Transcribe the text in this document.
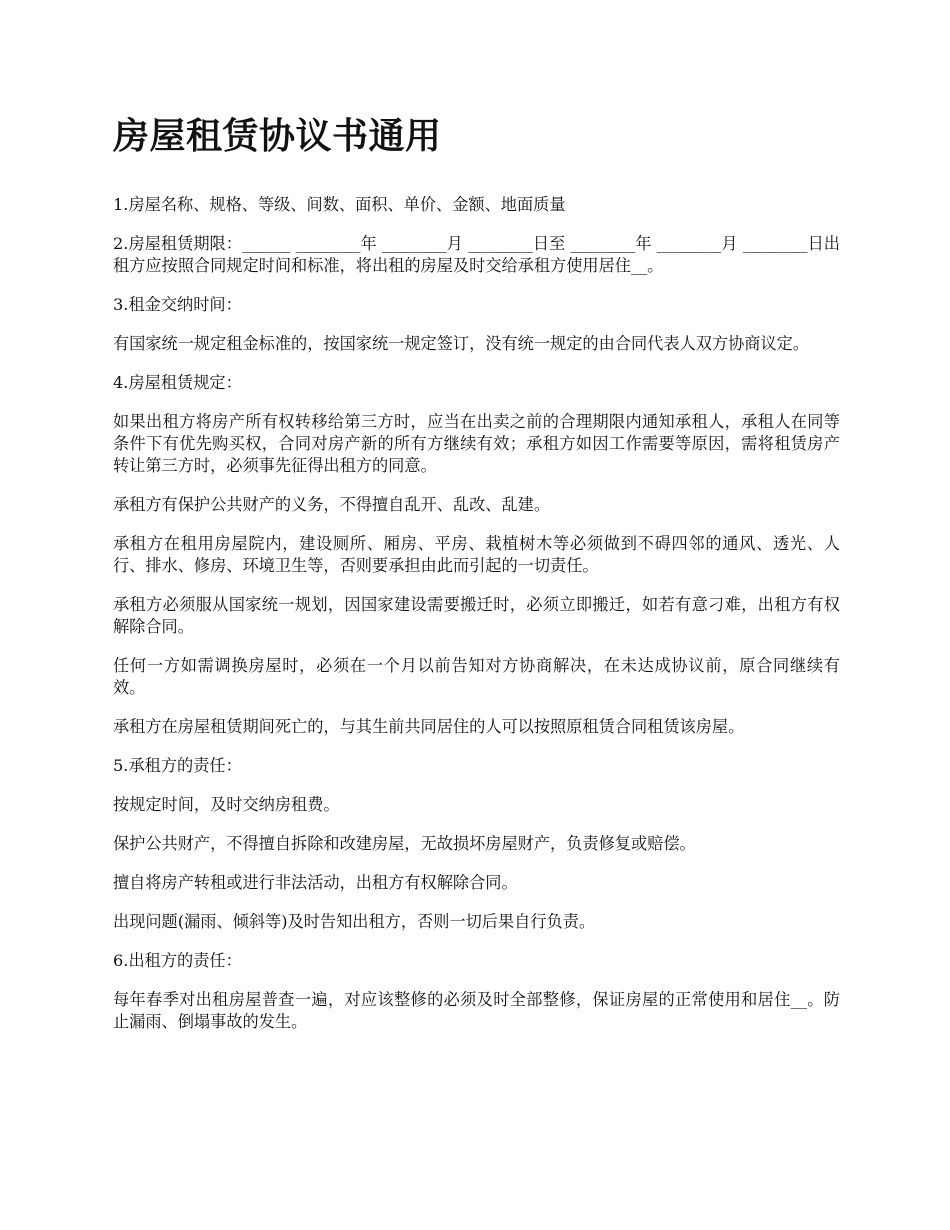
房屋租赁协议书通用

1.房屋名称、规格、等级、间数、面积、单价、金额、地面质量

2.房屋租赁期限：______ ________年 ________月 ________日至 ________年 ________月 ________日出租方应按照合同规定时间和标准，将出租的房屋及时交给承租方使用居住__。

3.租金交纳时间：

有国家统一规定租金标准的，按国家统一规定签订，没有统一规定的由合同代表人双方协商议定。

4.房屋租赁规定：

如果出租方将房产所有权转移给第三方时，应当在出卖之前的合理期限内通知承租人，承租人在同等条件下有优先购买权，合同对房产新的所有方继续有效；承租方如因工作需要等原因，需将租赁房产转让第三方时，必须事先征得出租方的同意。

承租方有保护公共财产的义务，不得擅自乱开、乱改、乱建。

承租方在租用房屋院内，建设厕所、厢房、平房、栽植树木等必须做到不碍四邻的通风、透光、人行、排水、修房、环境卫生等，否则要承担由此而引起的一切责任。

承租方必须服从国家统一规划，因国家建设需要搬迁时，必须立即搬迁，如若有意刁难，出租方有权解除合同。

任何一方如需调换房屋时，必须在一个月以前告知对方协商解决，在未达成协议前，原合同继续有效。

承租方在房屋租赁期间死亡的，与其生前共同居住的人可以按照原租赁合同租赁该房屋。

5.承租方的责任：

按规定时间，及时交纳房租费。

保护公共财产，不得擅自拆除和改建房屋，无故损坏房屋财产，负责修复或赔偿。

擅自将房产转租或进行非法活动，出租方有权解除合同。

出现问题(漏雨、倾斜等)及时告知出租方，否则一切后果自行负责。

6.出租方的责任：

每年春季对出租房屋普查一遍，对应该整修的必须及时全部整修，保证房屋的正常使用和居住__。防止漏雨、倒塌事故的发生。
